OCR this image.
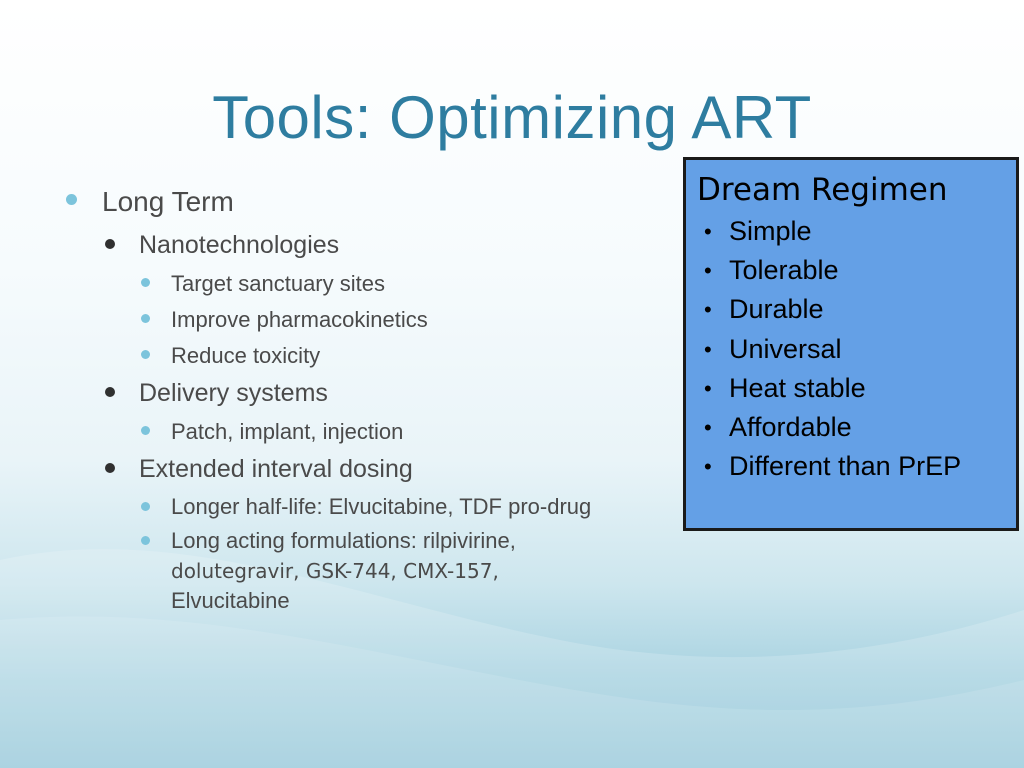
Tools: Optimizing ART
Long Term
Nanotechnologies
Target sanctuary sites
Improve pharmacokinetics
Reduce toxicity
Delivery systems
Patch, implant, injection
Extended interval dosing
Longer half-life: Elvucitabine, TDF pro-drug
Long acting formulations: rilpivirine,
dolutegravir, GSK-744, CMX-157,
Elvucitabine
Dream Regimen
• Simple
• Tolerable
• Durable
• Universal
• Heat stable
• Affordable
• Different than PrEP
